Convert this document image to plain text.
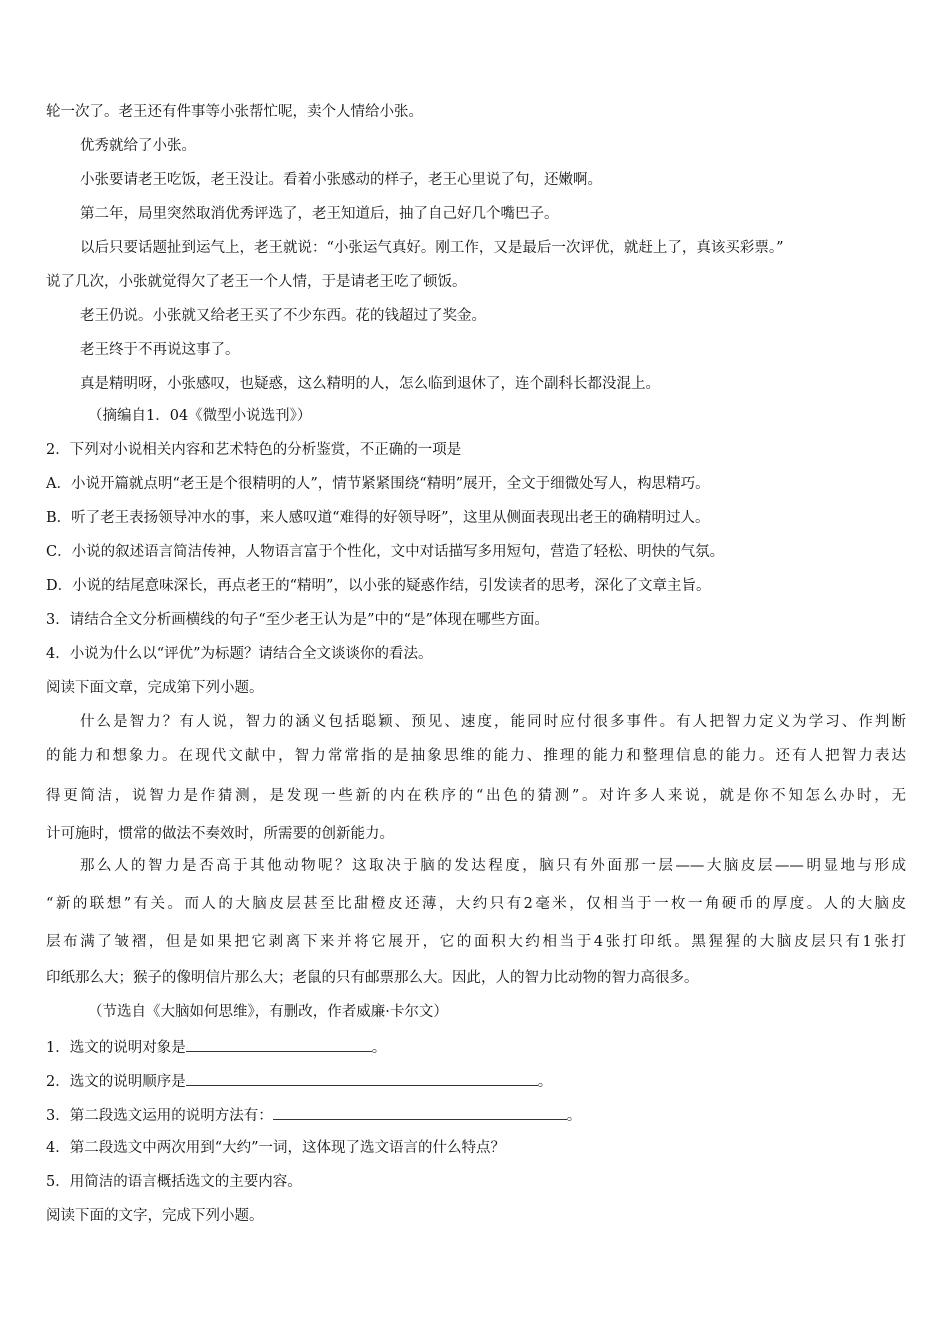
轮一次了。老王还有件事等小张帮忙呢，卖个人情给小张。
优秀就给了小张。
小张要请老王吃饭，老王没让。看着小张感动的样子，老王心里说了句，还嫩啊。
第二年，局里突然取消优秀评选了，老王知道后，抽了自己好几个嘴巴子。
以后只要话题扯到运气上，老王就说：“小张运气真好。刚工作，又是最后一次评优，就赶上了，真该买彩票。”
说了几次，小张就觉得欠了老王一个人情，于是请老王吃了顿饭。
老王仍说。小张就又给老王买了不少东西。花的钱超过了奖金。
老王终于不再说这事了。
真是精明呀，小张感叹，也疑惑，这么精明的人，怎么临到退休了，连个副科长都没混上。
（摘编自1．04《微型小说选刊》）
2．下列对小说相关内容和艺术特色的分析鉴赏，不正确的一项是
A．小说开篇就点明“老王是个很精明的人”，情节紧紧围绕“精明”展开，全文于细微处写人，构思精巧。
B．听了老王表扬领导冲水的事，来人感叹道“难得的好领导呀”，这里从侧面表现出老王的确精明过人。
C．小说的叙述语言简洁传神，人物语言富于个性化，文中对话描写多用短句，营造了轻松、明快的气氛。
D．小说的结尾意味深长，再点老王的“精明”，以小张的疑惑作结，引发读者的思考，深化了文章主旨。
3．请结合全文分析画横线的句子“至少老王认为是”中的“是”体现在哪些方面。
4．小说为什么以“评优”为标题？请结合全文谈谈你的看法。
阅读下面文章，完成第下列小题。
什么是智力？有人说，智力的涵义包括聪颖、预见、速度，能同时应付很多事件。有人把智力定义为学习、作判断
的能力和想象力。在现代文献中，智力常常指的是抽象思维的能力、推理的能力和整理信息的能力。还有人把智力表达
得更简洁，说智力是作猜测，是发现一些新的内在秩序的“出色的猜测”。对许多人来说，就是你不知怎么办时，无
计可施时，惯常的做法不奏效时，所需要的创新能力。
那么人的智力是否高于其他动物呢？这取决于脑的发达程度，脑只有外面那一层——大脑皮层——明显地与形成
“新的联想”有关。而人的大脑皮层甚至比甜橙皮还薄，大约只有2毫米，仅相当于一枚一角硬币的厚度。人的大脑皮
层布满了皱褶，但是如果把它剥离下来并将它展开，它的面积大约相当于4张打印纸。黑猩猩的大脑皮层只有1张打
印纸那么大；猴子的像明信片那么大；老鼠的只有邮票那么大。因此，人的智力比动物的智力高很多。
（节选自《大脑如何思维》，有删改，作者威廉·卡尔文）
1．选文的说明对象是	。
2．选文的说明顺序是	。
3．第二段选文运用的说明方法有：	。
4．第二段选文中两次用到“大约”一词，这体现了选文语言的什么特点？
5．用简洁的语言概括选文的主要内容。
阅读下面的文字，完成下列小题。
